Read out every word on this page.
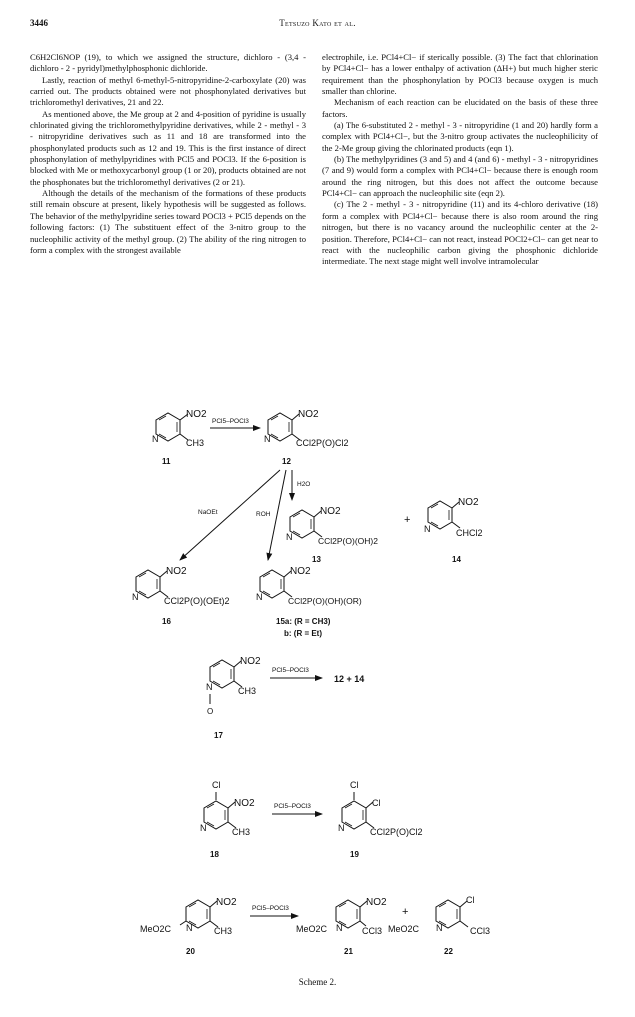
3446	Tetsuzo Kato et al.

C6H2Cl6NOP (19), to which we assigned the structure, dichloro - (3,4 - dichloro - 2 - pyridyl)methylphosphonic dichloride.

Lastly, reaction of methyl 6-methyl-5-nitropyridine-2-carboxylate (20) was carried out. The products obtained were not phosphonylated derivatives but trichloromethyl derivatives, 21 and 22.

As mentioned above, the Me group at 2 and 4-position of pyridine is usually chlorinated giving the trichloromethylpyridine derivatives, while 2 - methyl - 3 - nitropyridine derivatives such as 11 and 18 are transformed into the phosphonylated products such as 12 and 19. This is the first instance of direct phosphonylation of methylpyridines with PCl5 and POCl3. If the 6-position is blocked with Me or methoxycarbonyl group (1 or 20), products obtained are not the phosphonates but the trichloromethyl derivatives (2 or 21).

Although the details of the mechanism of the formations of these products still remain obscure at present, likely hypothesis will be suggested as follows. The behavior of the methylpyridine series toward POCl3 + PCl5 depends on the following factors: (1) The substituent effect of the 3-nitro group to the nucleophilic activity of the methyl group. (2) The ability of the ring nitrogen to form a complex with the strongest available

electrophile, i.e. PCl4+Cl− if sterically possible. (3) The fact that chlorination by PCl4+Cl− has a lower enthalpy of activation (ΔH+) but much higher steric requirement than the phosphonylation by POCl3 because oxygen is much smaller than chlorine.

Mechanism of each reaction can be elucidated on the basis of these three factors.

(a) The 6-substituted 2 - methyl - 3 - nitropyridine (1 and 20) hardly form a complex with PCl4+Cl−, but the 3-nitro group activates the nucleophilicity of the 2-Me group giving the chlorinated products (eqn 1).

(b) The methylpyridines (3 and 5) and 4 (and 6) - methyl - 3 - nitropyridines (7 and 9) would form a complex with PCl4+Cl− because there is enough room around the ring nitrogen, but this does not affect the outcome because PCl4+Cl− can approach the nucleophilic site (eqn 2).

(c) The 2 - methyl - 3 - nitropyridine (11) and its 4-chloro derivative (18) form a complex with PCl4+Cl− because there is also room around the ring nitrogen, but there is no vacancy around the nucleophilic center at the 2-position. Therefore, PCl4+Cl− can not react, instead POCl2+Cl− can get near to react with the nucleophilic carbon giving the phosphonic dichloride intermediate. The next stage might well involve intramolecular

NO2
N	CH3
11
PCl5–POCl3
NO2
N	CCl2P(O)Cl2
12
H2O
NaOEt	ROH	NO2
N	CCl2P(O)(OH)2
13
+
NO2
N	CHCl2
14
NO2
N	CCl2P(O)(OEt)2
16
NO2
N	CCl2P(O)(OH)(OR)
15a: (R = CH3)
b: (R = Et)
NO2
N	CH3
O
17
PCl5–POCl3
12 + 14
Cl
NO2
N	CH3
18
PCl5–POCl3
Cl
Cl
N	CCl2P(O)Cl2
19
NO2
N
MeO2C	CH3
20
PCl5–POCl3
NO2
N
MeO2C	CCl3
+
21
MeO2C
Cl
N	CCl3
22
Scheme 2.
